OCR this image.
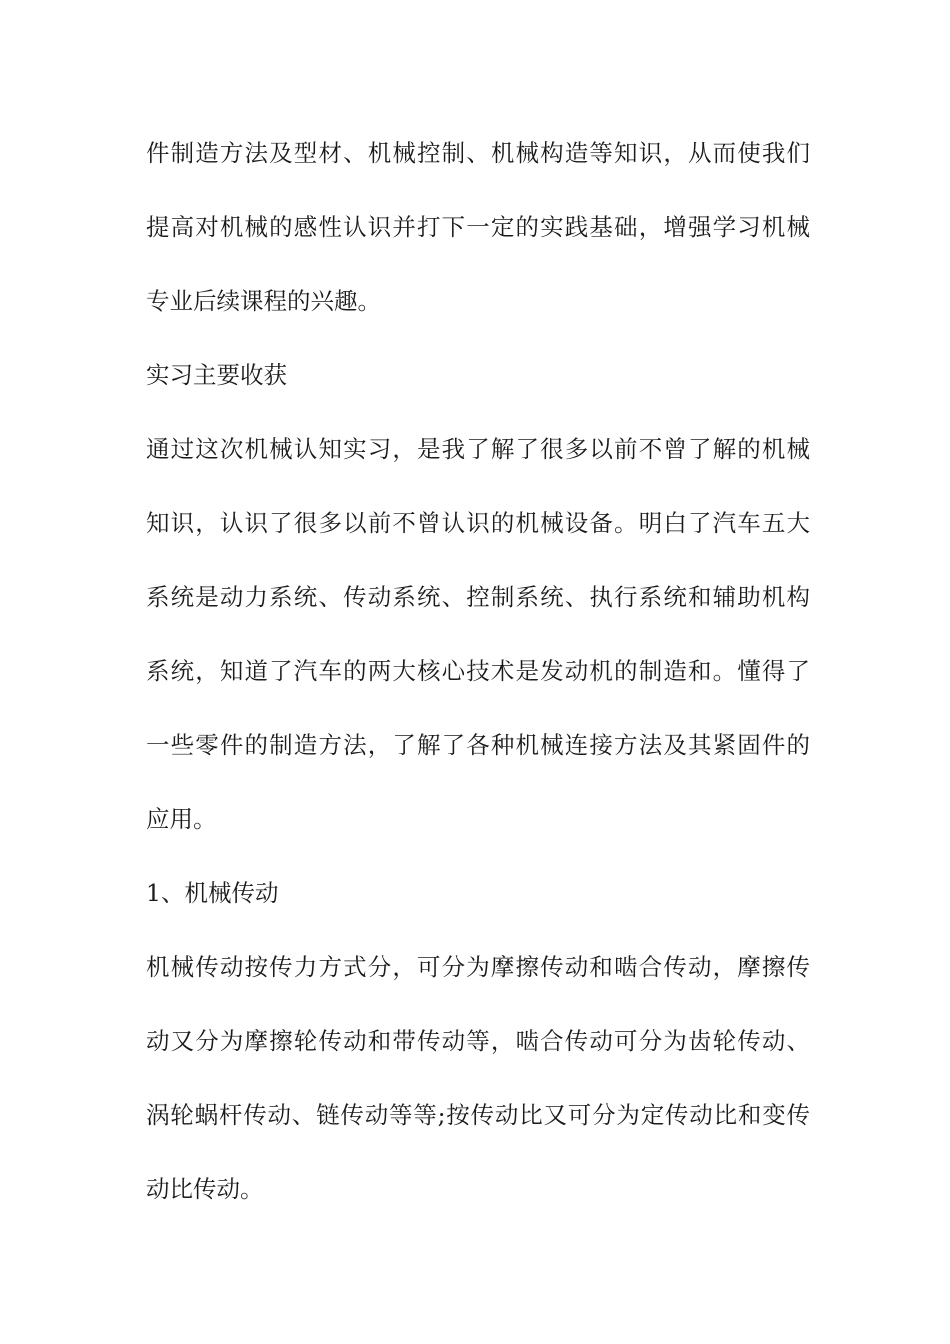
件制造方法及型材、机械控制、机械构造等知识，从而使我们
提高对机械的感性认识并打下一定的实践基础，增强学习机械
专业后续课程的兴趣。
实习主要收获
通过这次机械认知实习，是我了解了很多以前不曾了解的机械
知识，认识了很多以前不曾认识的机械设备。明白了汽车五大
系统是动力系统、传动系统、控制系统、执行系统和辅助机构
系统，知道了汽车的两大核心技术是发动机的制造和。懂得了
一些零件的制造方法，了解了各种机械连接方法及其紧固件的
应用。
1、机械传动
机械传动按传力方式分，可分为摩擦传动和啮合传动，摩擦传
动又分为摩擦轮传动和带传动等，啮合传动可分为齿轮传动、
涡轮蜗杆传动、链传动等等;按传动比又可分为定传动比和变传
动比传动。
